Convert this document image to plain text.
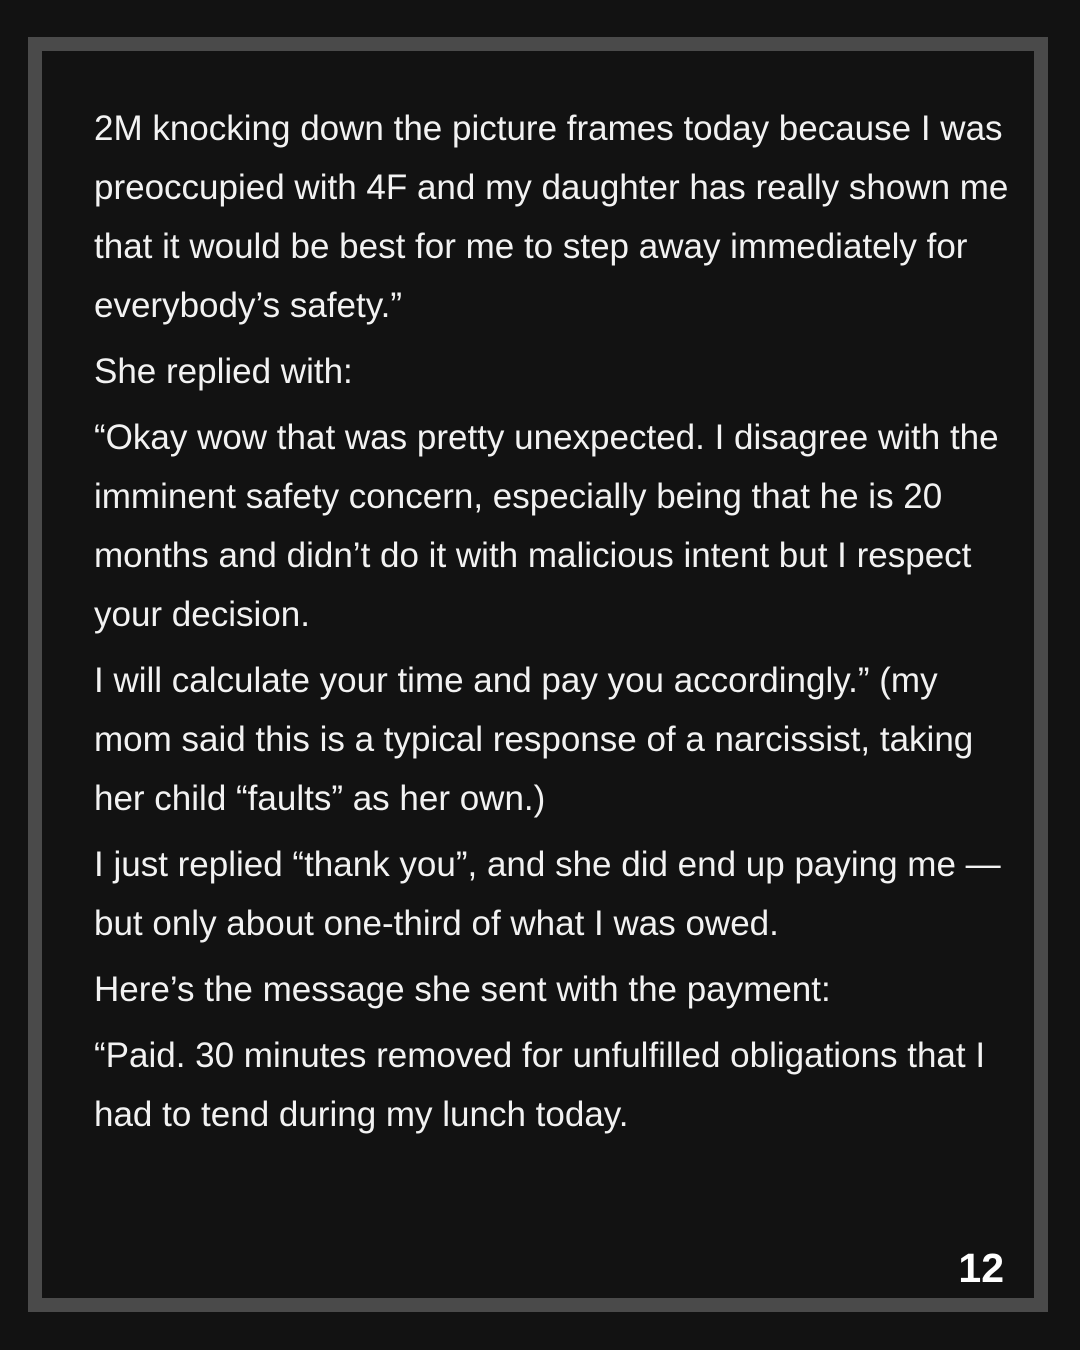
2M knocking down the picture frames today because I was preoccupied with 4F and my daughter has really shown me that it would be best for me to step away immediately for everybody’s safety.”

She replied with:

“Okay wow that was pretty unexpected. I disagree with the imminent safety concern, especially being that he is 20 months and didn’t do it with malicious intent but I respect your decision.

I will calculate your time and pay you accordingly.” (my mom said this is a typical response of a narcissist, taking her child “faults” as her own.)

I just replied “thank you”, and she did end up paying me — but only about one-third of what I was owed.

Here’s the message she sent with the payment:

“Paid. 30 minutes removed for unfulfilled obligations that I had to tend during my lunch today.

12
